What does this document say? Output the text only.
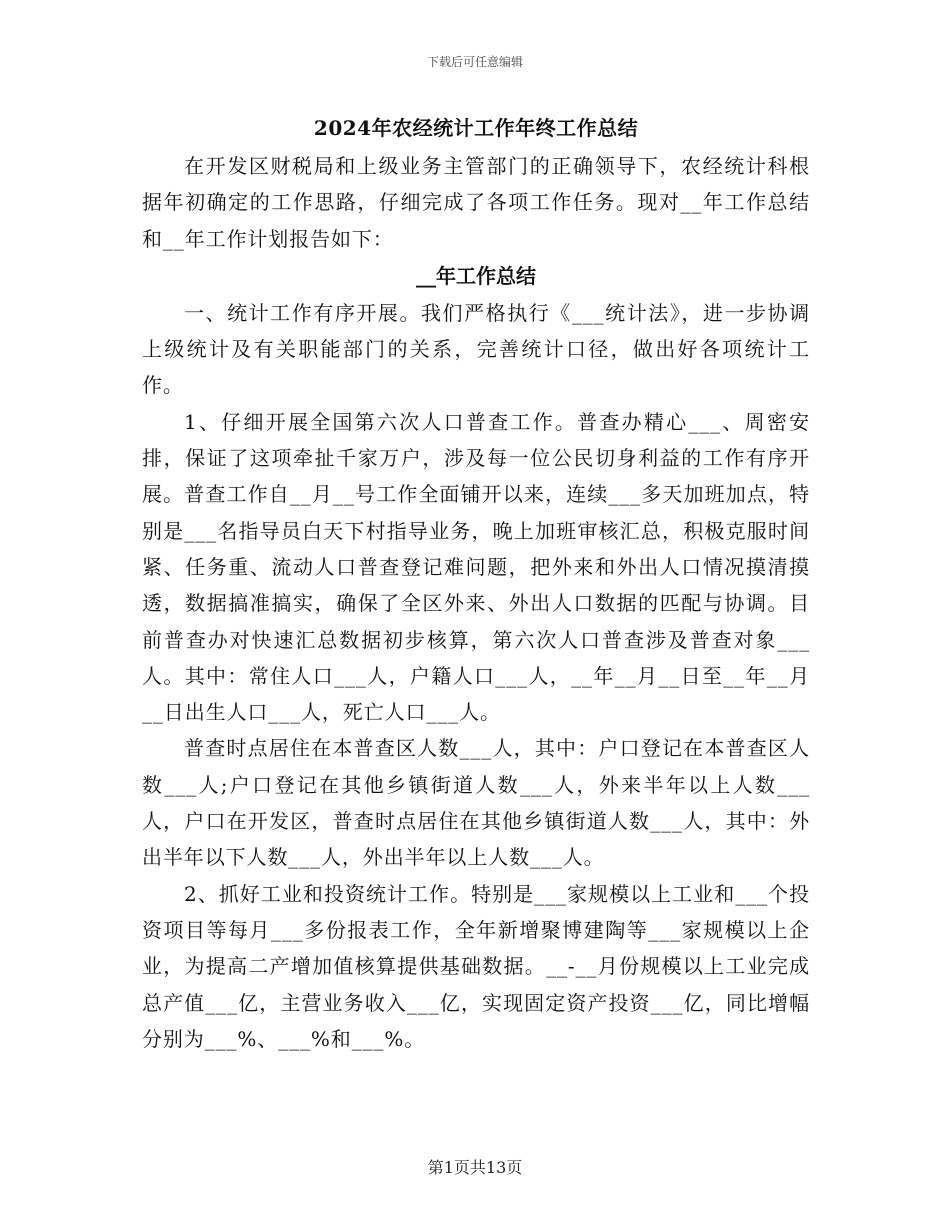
下载后可任意编辑
2024年农经统计工作年终工作总结

在开发区财税局和上级业务主管部门的正确领导下，农经统计科根据年初确定的工作思路，仔细完成了各项工作任务。现对__年工作总结和__年工作计划报告如下：

__年工作总结

一、统计工作有序开展。我们严格执行《___统计法》，进一步协调上级统计及有关职能部门的关系，完善统计口径，做出好各项统计工作。

1、仔细开展全国第六次人口普查工作。普查办精心___、周密安排，保证了这项牵扯千家万户，涉及每一位公民切身利益的工作有序开展。普查工作自__月__号工作全面铺开以来，连续___多天加班加点，特别是___名指导员白天下村指导业务，晚上加班审核汇总，积极克服时间紧、任务重、流动人口普查登记难问题，把外来和外出人口情况摸清摸透，数据搞准搞实，确保了全区外来、外出人口数据的匹配与协调。目前普查办对快速汇总数据初步核算，第六次人口普查涉及普查对象___人。其中：常住人口___人，户籍人口___人，__年__月__日至__年__月__日出生人口___人，死亡人口___人。

普查时点居住在本普查区人数___人，其中：户口登记在本普查区人数___人;户口登记在其他乡镇街道人数___人，外来半年以上人数___人，户口在开发区，普查时点居住在其他乡镇街道人数___人，其中：外出半年以下人数___人，外出半年以上人数___人。

2、抓好工业和投资统计工作。特别是___家规模以上工业和___个投资项目等每月___多份报表工作，全年新增聚博建陶等___家规模以上企业，为提高二产增加值核算提供基础数据。__-__月份规模以上工业完成总产值___亿，主营业务收入___亿，实现固定资产投资___亿，同比增幅分别为___%、___%和___%。

第1页共13页
